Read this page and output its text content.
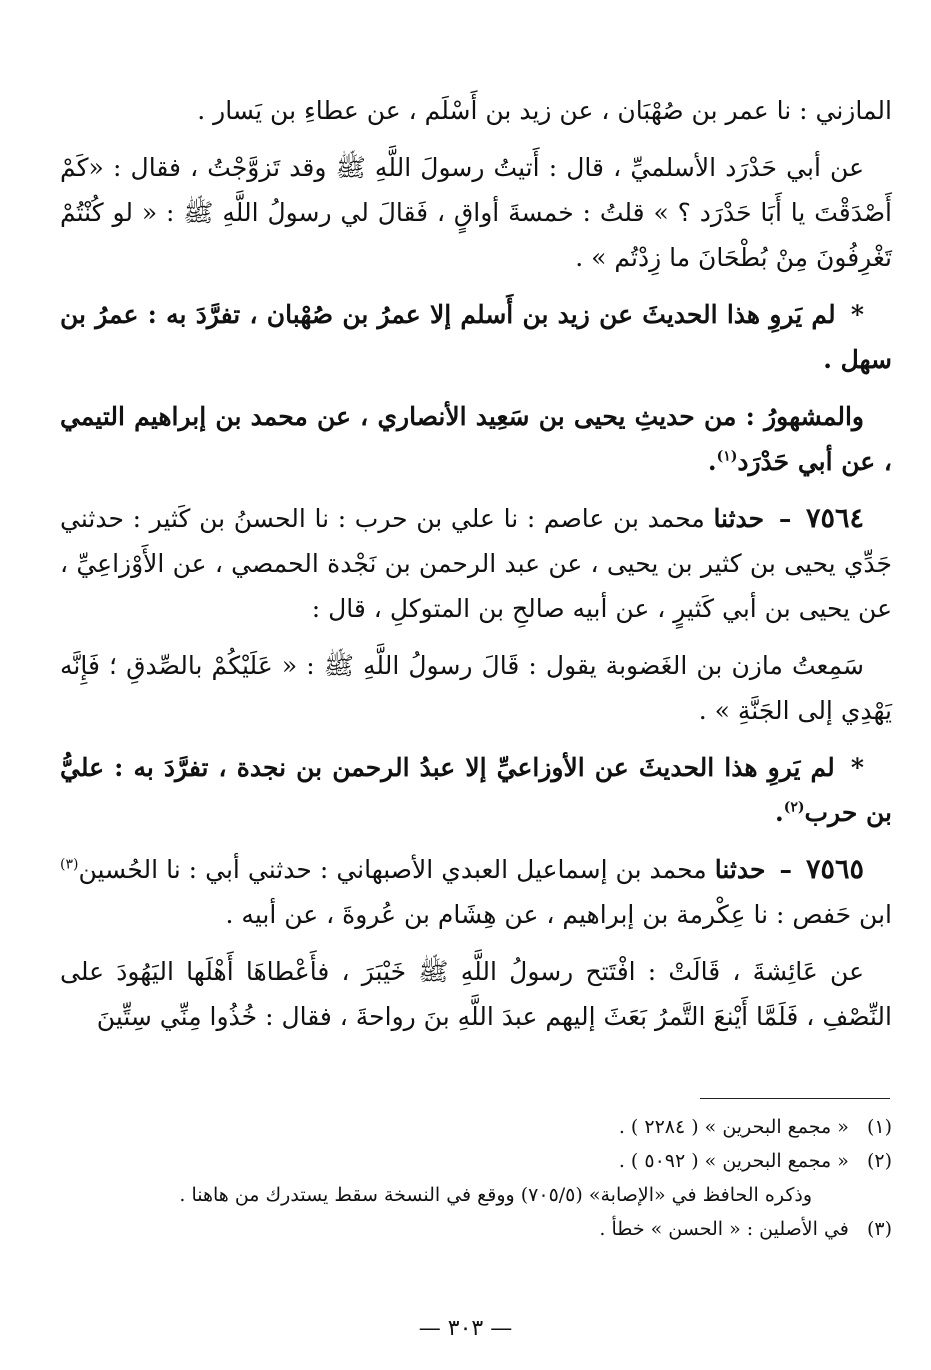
المازني : نا عمر بن صُهْبَان ، عن زيد بن أَسْلَم ، عن عطاءِ بن يَسار .

عن أبي حَدْرَد الأسلميِّ ، قال : أَتيتُ رسولَ اللَّهِ ﷺ وقد تَزوَّجْتُ ، فقال : «كَمْ أَصْدَقْتَ يا أَبَا حَدْرَد ؟ » قلتُ : خمسةَ أواقٍ ، فَقالَ لي رسولُ اللَّهِ ﷺ : « لو كُنْتُمْ تَغْرِفُونَ مِنْ بُطْحَانَ ما زِدْتُم » .

* لم يَروِ هذا الحديثَ عن زيد بن أَسلم إلا عمرُ بن صُهْبان ، تفرَّدَ به : عمرُ بن سهل .

والمشهورُ : من حديثِ يحيى بن سَعِيد الأنصاري ، عن محمد بن إبراهيم التيمي ، عن أبي حَدْرَد$^{(١)}$.

٧٥٦٤ – حدثنا محمد بن عاصم : نا علي بن حرب : نا الحسنُ بن كَثير : حدثني جَدِّي يحيى بن كثير بن يحيى ، عن عبد الرحمن بن نَجْدة الحمصي ، عن الأَوْزاعِيِّ ، عن يحيى بن أبي كَثيرٍ ، عن أبيه صالحِ بن المتوكلِ ، قال :

سَمِعتُ مازن بن الغَضوبة يقول : قَالَ رسولُ اللَّهِ ﷺ : « عَلَيْكُمْ بالصِّدقِ ؛ فَإِنَّه يَهْدِي إلى الجَنَّةِ » .

* لم يَروِ هذا الحديثَ عن الأوزاعيِّ إلا عبدُ الرحمن بن نجدة ، تفرَّدَ به : عليُّ بن حرب$^{(٢)}$.

٧٥٦٥ – حدثنا محمد بن إسماعيل العبدي الأصبهاني : حدثني أبي : نا الحُسين$^{(٣)}$ ابن حَفص : نا عِكْرمة بن إبراهيم ، عن هِشَام بن عُروةَ ، عن أبيه .

عن عَائِشةَ ، قَالَتْ : افْتَتح رسولُ اللَّهِ ﷺ خَيْبَرَ ، فأَعْطاهَا أَهْلَها اليَهُودَ على النِّصْفِ ، فَلَمَّا أَيْنعَ التَّمرُ بَعَثَ إليهم عبدَ اللَّهِ بنَ رواحةَ ، فقال : خُذُوا مِنِّي سِتِّينَ

(١) « مجمع البحرين » ( ٢٢٨٤ ) .

(٢) « مجمع البحرين » ( ٥٠٩٢ ) .

وذكره الحافظ في «الإصابة» (٧٠٥/٥) ووقع في النسخة سقط يستدرك من هاهنا .

(٣) في الأصلين : « الحسن » خطأ .

— ٣٠٣ —
